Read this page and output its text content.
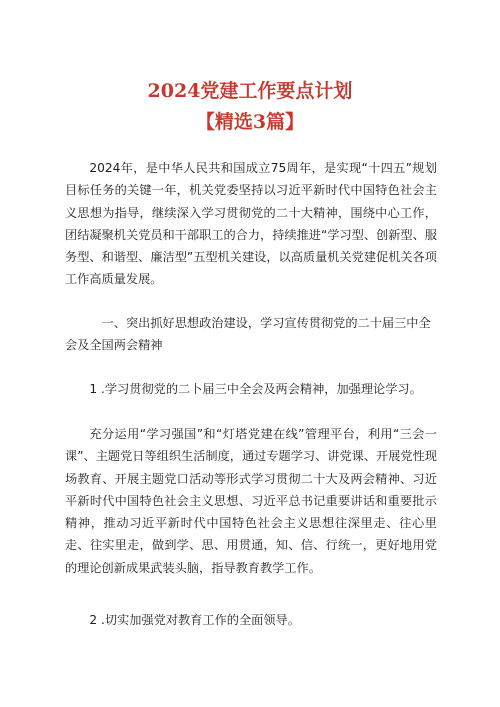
2024党建工作要点计划
【精选3篇】

2024年，是中华人民共和国成立75周年，是实现“十四五”规划目标任务的关键一年，机关党委坚持以习近平新时代中国特色社会主义思想为指导，继续深入学习贯彻党的二十大精神，围绕中心工作，团结凝聚机关党员和干部职工的合力，持续推进“学习型、创新型、服务型、和谐型、廉洁型”五型机关建设，以高质量机关党建促机关各项工作高质量发展。

一、突出抓好思想政治建设，学习宣传贯彻党的二十届三中全会及全国两会精神

1 .学习贯彻党的二卜届三中全会及两会精神，加强理论学习。

充分运用“学习强国”和“灯塔党建在线”管理平台，利用“三会一课”、主题党日等组织生活制度，通过专题学习、讲党课、开展党性现场教育、开展主题党口活动等形式学习贯彻二十大及两会精神、习近平新时代中国特色社会主义思想、习近平总书记重要讲话和重要批示精神，推动习近平新时代中国特色社会主义思想往深里走、往心里走、往实里走，做到学、思、用贯通，知、信、行统一，更好地用党的理论创新成果武装头脑，指导教育教学工作。

2 .切实加强党对教育工作的全面领导。
